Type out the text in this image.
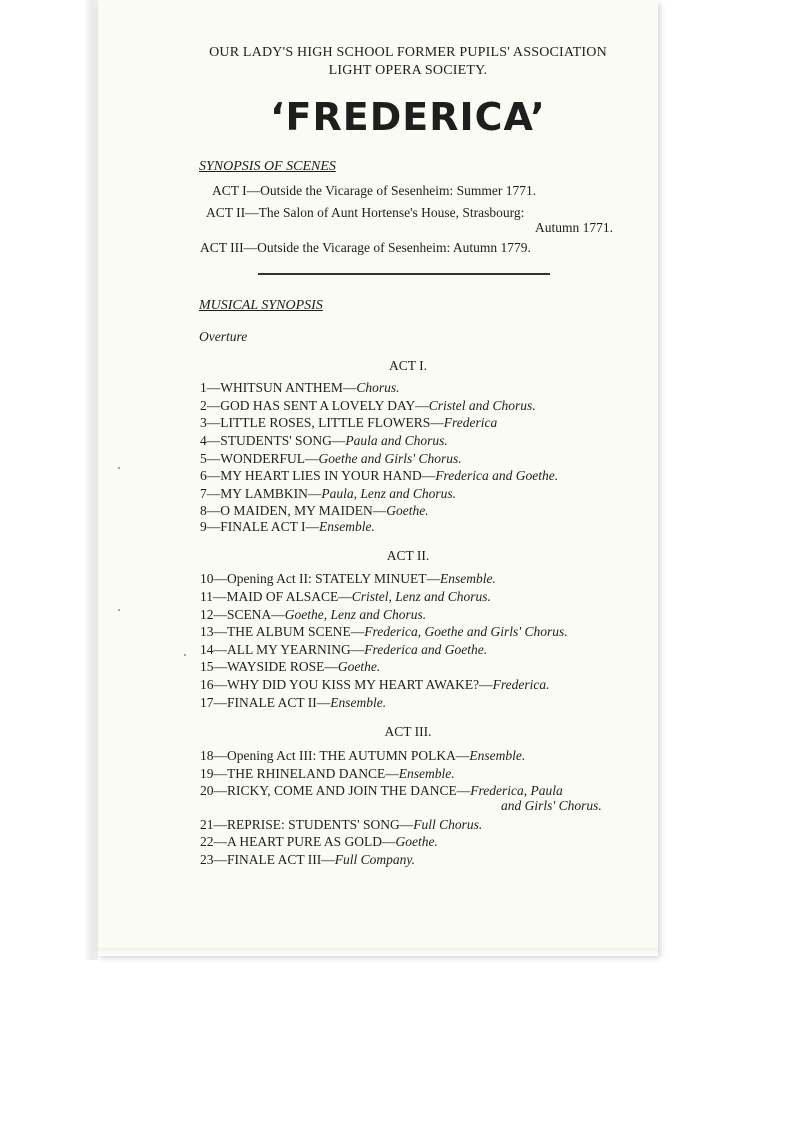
OUR LADY'S HIGH SCHOOL FORMER PUPILS' ASSOCIATION
LIGHT OPERA SOCIETY.
‘FREDERICA’
SYNOPSIS OF SCENES
ACT I—Outside the Vicarage of Sesenheim: Summer 1771.
ACT II—The Salon of Aunt Hortense's House, Strasbourg:
Autumn 1771.
ACT III—Outside the Vicarage of Sesenheim: Autumn 1779.
MUSICAL SYNOPSIS
Overture
ACT I.
1—WHITSUN ANTHEM—Chorus.
2—GOD HAS SENT A LOVELY DAY—Cristel and Chorus.
3—LITTLE ROSES, LITTLE FLOWERS—Frederica
4—STUDENTS' SONG—Paula and Chorus.
5—WONDERFUL—Goethe and Girls' Chorus.
6—MY HEART LIES IN YOUR HAND—Frederica and Goethe.
7—MY LAMBKIN—Paula, Lenz and Chorus.
8—O MAIDEN, MY MAIDEN—Goethe.
9—FINALE ACT I—Ensemble.
ACT II.
10—Opening Act II: STATELY MINUET—Ensemble.
11—MAID OF ALSACE—Cristel, Lenz and Chorus.
12—SCENA—Goethe, Lenz and Chorus.
13—THE ALBUM SCENE—Frederica, Goethe and Girls' Chorus.
14—ALL MY YEARNING—Frederica and Goethe.
15—WAYSIDE ROSE—Goethe.
16—WHY DID YOU KISS MY HEART AWAKE?—Frederica.
17—FINALE ACT II—Ensemble.
ACT III.
18—Opening Act III: THE AUTUMN POLKA—Ensemble.
19—THE RHINELAND DANCE—Ensemble.
20—RICKY, COME AND JOIN THE DANCE—Frederica, Paula
and Girls' Chorus.
21—REPRISE: STUDENTS' SONG—Full Chorus.
22—A HEART PURE AS GOLD—Goethe.
23—FINALE ACT III—Full Company.
